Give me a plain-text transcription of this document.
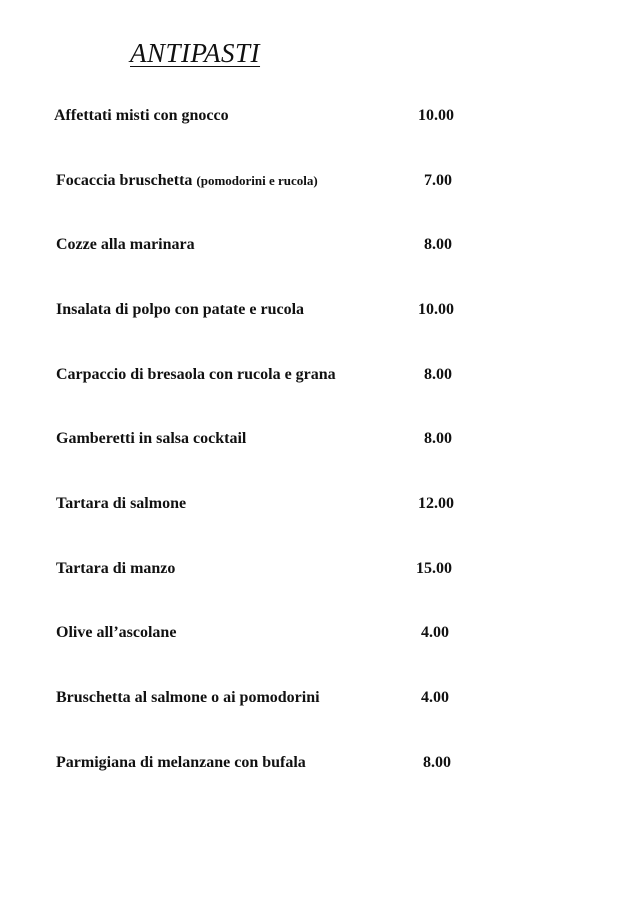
ANTIPASTI
Affettati misti con gnocco	10.00
Focaccia bruschetta (pomodorini e rucola)	7.00
Cozze alla marinara	8.00
Insalata di polpo con patate e rucola	10.00
Carpaccio di bresaola con rucola e grana	8.00
Gamberetti in salsa cocktail	8.00
Tartara di salmone	12.00
Tartara di manzo	15.00
Olive all’ascolane	4.00
Bruschetta al salmone o ai pomodorini	4.00
Parmigiana di melanzane con bufala	8.00
